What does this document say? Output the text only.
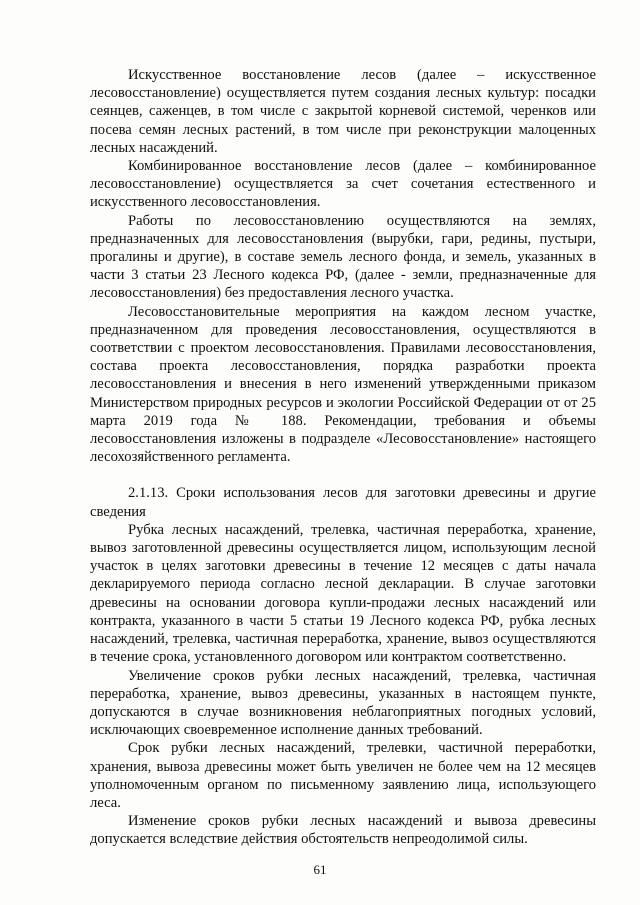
Искусственное восстановление лесов (далее – искусственное лесовосстановление) осуществляется путем создания лесных культур: посадки сеянцев, саженцев, в том числе с закрытой корневой системой, черенков или посева семян лесных растений, в том числе при реконструкции малоценных лесных насаждений.

Комбинированное восстановление лесов (далее – комбинированное лесовосстановление) осуществляется за счет сочетания естественного и искусственного лесовосстановления.

Работы по лесовосстановлению осуществляются на землях, предназначенных для лесовосстановления (вырубки, гари, редины, пустыри, прогалины и другие), в составе земель лесного фонда, и земель, указанных в части 3 статьи 23 Лесного кодекса РФ, (далее - земли, предназначенные для лесовосстановления) без предоставления лесного участка.

Лесовосстановительные мероприятия на каждом лесном участке, предназначенном для проведения лесовосстановления, осуществляются в соответствии с проектом лесовосстановления. Правилами лесовосстановления, состава проекта лесовосстановления, порядка разработки проекта лесовосстановления и внесения в него изменений утвержденными приказом Министерством природных ресурсов и экологии Российской Федерации от от 25 марта 2019 года № 188. Рекомендации, требования и объемы лесовосстановления изложены в подразделе «Лесовосстановление» настоящего лесохозяйственного регламента.

2.1.13. Сроки использования лесов для заготовки древесины и другие сведения

Рубка лесных насаждений, трелевка, частичная переработка, хранение, вывоз заготовленной древесины осуществляется лицом, использующим лесной участок в целях заготовки древесины в течение 12 месяцев с даты начала декларируемого периода согласно лесной декларации. В случае заготовки древесины на основании договора купли-продажи лесных насаждений или контракта, указанного в части 5 статьи 19 Лесного кодекса РФ, рубка лесных насаждений, трелевка, частичная переработка, хранение, вывоз осуществляются в течение срока, установленного договором или контрактом соответственно.

Увеличение сроков рубки лесных насаждений, трелевка, частичная переработка, хранение, вывоз древесины, указанных в настоящем пункте, допускаются в случае возникновения неблагоприятных погодных условий, исключающих своевременное исполнение данных требований.

Срок рубки лесных насаждений, трелевки, частичной переработки, хранения, вывоза древесины может быть увеличен не более чем на 12 месяцев уполномоченным органом по письменному заявлению лица, использующего леса.

Изменение сроков рубки лесных насаждений и вывоза древесины допускается вследствие действия обстоятельств непреодолимой силы.

61
